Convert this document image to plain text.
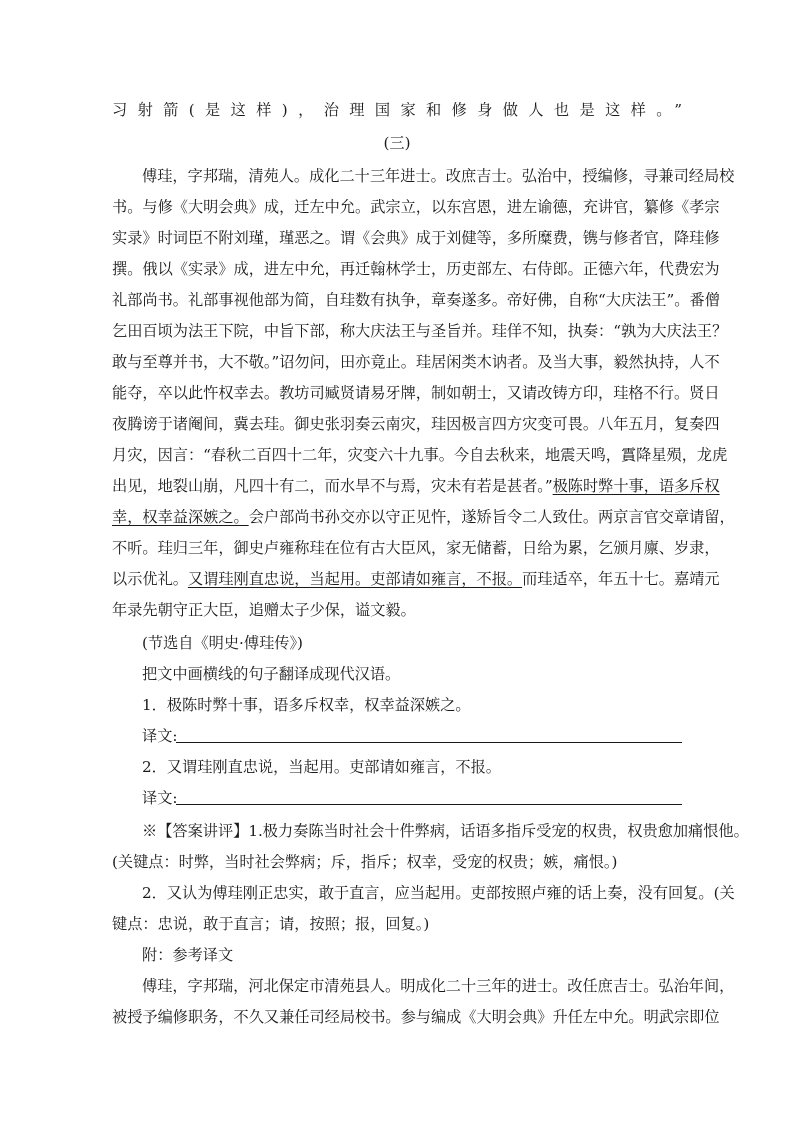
习射箭(是这样)，治理国家和修身做人也是这样。”
(三)
傅珪，字邦瑞，清苑人。成化二十三年进士。改庶吉士。弘治中，授编修，寻兼司经局校
书。与修《大明会典》成，迁左中允。武宗立，以东宫恩，进左谕德，充讲官，纂修《孝宗
实录》时词臣不附刘瑾，瑾恶之。谓《会典》成于刘健等，多所糜费，镌与修者官，降珪修
撰。俄以《实录》成，进左中允，再迁翰林学士，历吏部左、右侍郎。正德六年，代费宏为
礼部尚书。礼部事视他部为简，自珪数有执争，章奏遂多。帝好佛，自称“大庆法王”。番僧
乞田百顷为法王下院，中旨下部，称大庆法王与圣旨并。珪佯不知，执奏：“孰为大庆法王？
敢与至尊并书，大不敬。”诏勿问，田亦竟止。珪居闲类木讷者。及当大事，毅然执持，人不
能夺，卒以此忤权幸去。教坊司臧贤请易牙牌，制如朝士，又请改铸方印，珪格不行。贤日
夜腾谤于诸阉间，冀去珪。御史张羽奏云南灾，珪因极言四方灾变可畏。八年五月，复奏四
月灾，因言：“春秋二百四十二年，灾变六十九事。今自去秋来，地震天鸣，霣降星殒，龙虎
出见，地裂山崩，凡四十有二，而水旱不与焉，灾未有若是甚者。”极陈时弊十事，语多斥权
幸，权幸益深嫉之。会户部尚书孙交亦以守正见忤，遂矫旨令二人致仕。两京言官交章请留，
不听。珪归三年，御史卢雍称珪在位有古大臣风，家无储蓄，日给为累，乞颁月廪、岁隶，
以示优礼。又谓珪刚直忠说，当起用。吏部请如雍言，不报。而珪适卒，年五十七。嘉靖元
年录先朝守正大臣，追赠太子少保，谥文毅。
(节选自《明史·傅珪传》)
把文中画横线的句子翻译成现代汉语。
1．极陈时弊十事，语多斥权幸，权幸益深嫉之。
译文:
2．又谓珪刚直忠说，当起用。吏部请如雍言，不报。
译文:
※【答案讲评】1.极力奏陈当时社会十件弊病，话语多指斥受宠的权贵，权贵愈加痛恨他。
(关键点：时弊，当时社会弊病；斥，指斥；权幸，受宠的权贵；嫉，痛恨。)
2．又认为傅珪刚正忠实，敢于直言，应当起用。吏部按照卢雍的话上奏，没有回复。(关
键点：忠说，敢于直言；请，按照；报，回复。)
附：参考译文
傅珪，字邦瑞，河北保定市清苑县人。明成化二十三年的进士。改任庶吉士。弘治年间，
被授予编修职务，不久又兼任司经局校书。参与编成《大明会典》升任左中允。明武宗即位
